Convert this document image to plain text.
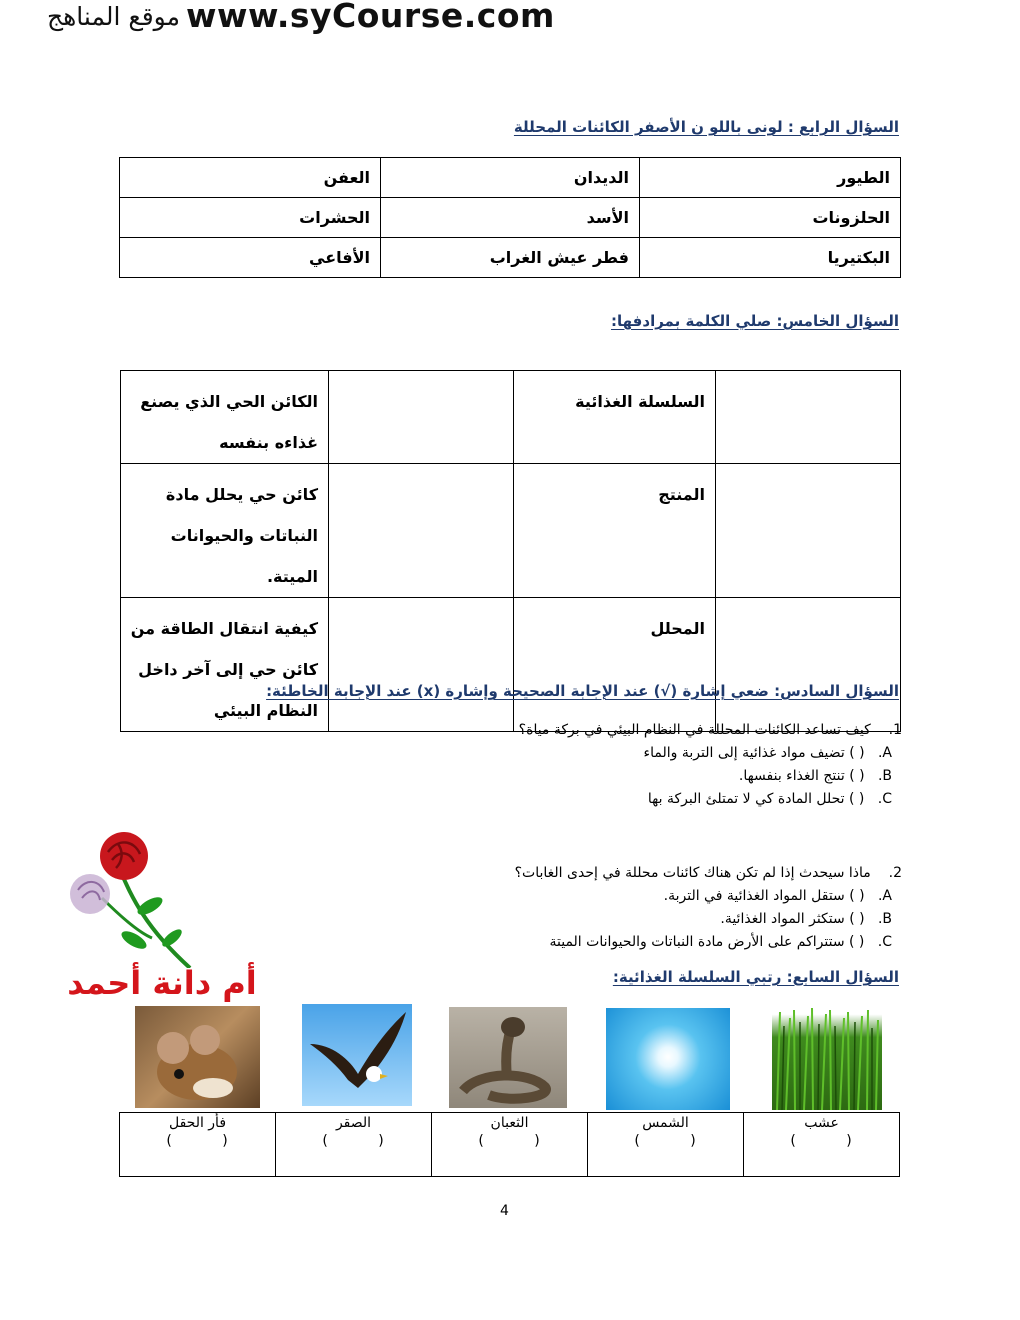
www.syCourse.com
موقع المناهج
السؤال الرابع : لونى باللو ن الأصفر الكائنات المحللة
الطيور	الديدان	العفن
الحلزونات	الأسد	الحشرات
البكتيريا	فطر عيش الغراب	الأفاعي
السؤال الخامس: صلي الكلمة بمرادفها:

	السلسلة الغذائية		الكائن الحي الذي يصنع
غذاءه بنفسه

	المنتج		كائن حي يحلل مادة
النباتات والحيوانات الميتة.

	المحلل		كيفية انتقال الطاقة من
كائن حي إلى آخر داخل
النظام البيئي
السؤال السادس: ضعي إشارة (√) عند الإجابة الصحيحة وإشارة (x) عند الإجابة الخاطئة:
1.    كيف تساعد الكائنات المحللة في النظام البيئي في بركة مياة؟
A.   ( ) تضيف مواد غذائية إلى التربة والماء
B.   ( ) تنتج الغذاء بنفسها.
C.   ( ) تحلل المادة كي لا تمتلئ البركة بها
2.    ماذا سيحدث إذا لم تكن هناك كائنات محللة في إحدى الغابات؟
A.   ( ) ستقل المواد الغذائية في التربة.
B.   ( ) ستكثر المواد الغذائية.
C.   ( ) ستتراكم على الأرض مادة النباتات والحيوانات الميتة
أم دانة أحمد	السؤال السابع: رتبي السلسلة الغذائية:
عشب
( )

الشمس
( )

الثعبان
( )

الصقر
( )

فأر الحقل
( )
4
